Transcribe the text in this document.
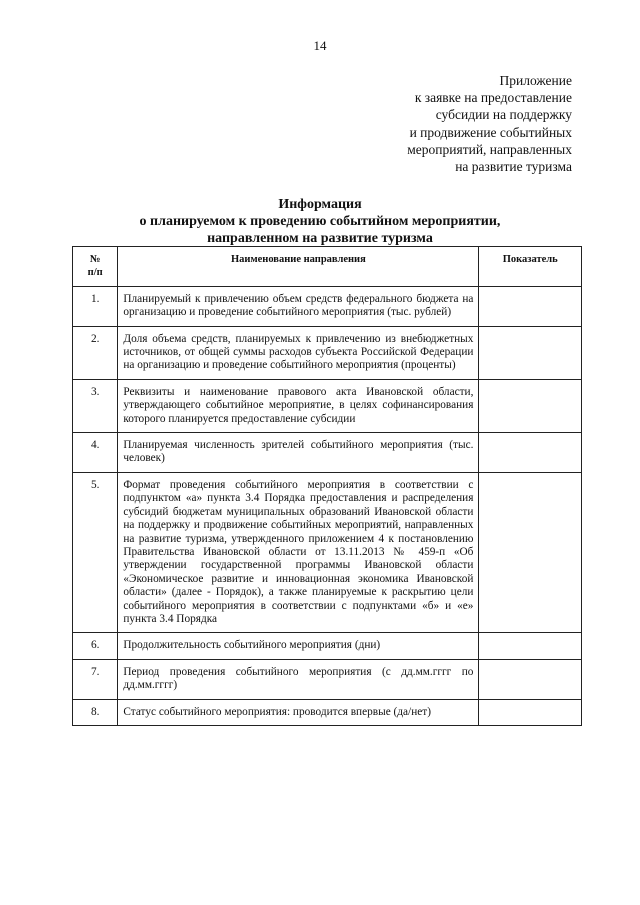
14
Приложение
к заявке на предоставление
субсидии на поддержку
и продвижение событийных
мероприятий, направленных
на развитие туризма
Информация
о планируемом к проведению событийном мероприятии,
направленном на развитие туризма
№
п/п	Наименование направления	Показатель
1.	Планируемый к привлечению объем средств федерального бюджета на организацию и проведение событийного мероприятия (тыс. рублей)	
2.	Доля объема средств, планируемых к привлечению из внебюджетных источников, от общей суммы расходов субъекта Российской Федерации на организацию и проведение событийного мероприятия (проценты)	
3.	Реквизиты и наименование правового акта Ивановской области, утверждающего событийное мероприятие, в целях софинансирования которого планируется предоставление субсидии	
4.	Планируемая численность зрителей событийного мероприятия (тыс. человек)	
5.	Формат проведения событийного мероприятия в соответствии с подпунктом «а» пункта 3.4 Порядка предоставления и распределения субсидий бюджетам муниципальных образований Ивановской области на поддержку и продвижение событийных мероприятий, направленных на развитие туризма, утвержденного приложением 4 к постановлению Правительства Ивановской области от 13.11.2013 № 459-п «Об утверждении государственной программы Ивановской области «Экономическое развитие и инновационная экономика Ивановской области» (далее - Порядок), а также планируемые к раскрытию цели событийного мероприятия в соответствии с подпунктами «б» и «е» пункта 3.4 Порядка	
6.	Продолжительность событийного мероприятия (дни)	
7.	Период проведения событийного мероприятия (с дд.мм.гггг по дд.мм.гггг)	
8.	Статус событийного мероприятия: проводится впервые (да/нет)	
